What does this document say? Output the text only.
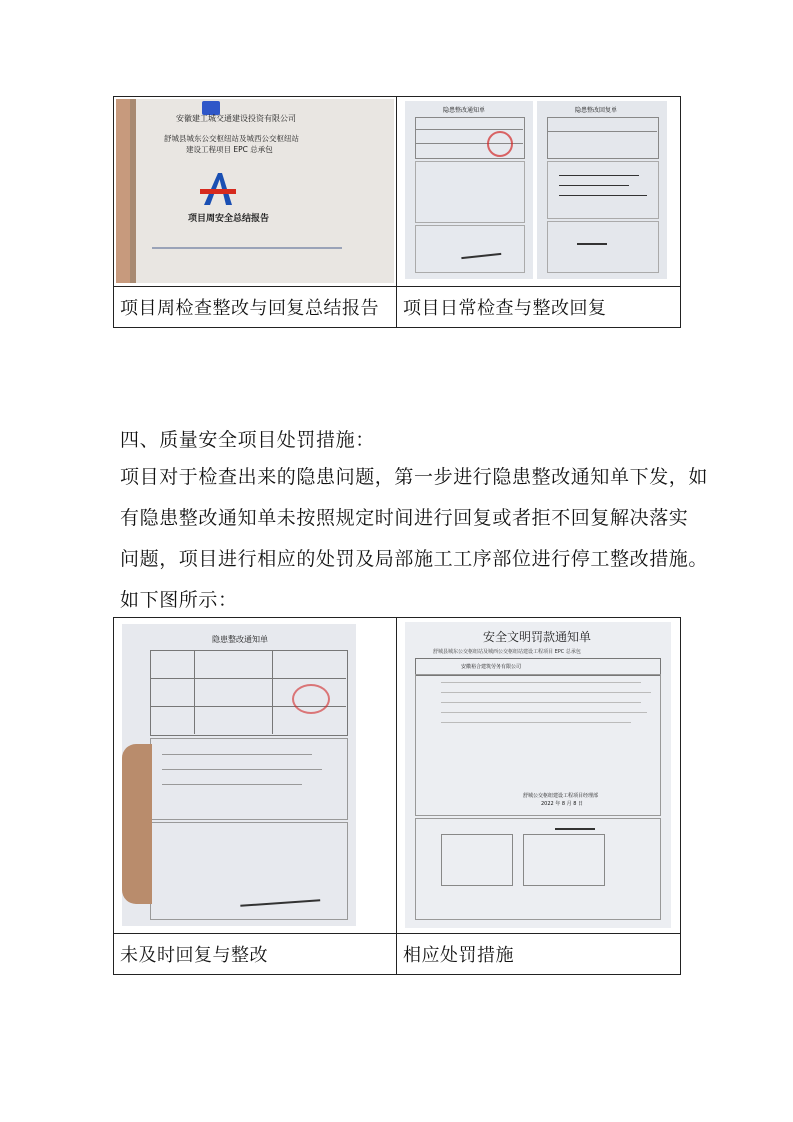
安徽建工城交通建设投资有限公司
舒城县城东公交枢纽站及城西公交枢纽站
建设工程项目 EPC 总承包
项目周安全总结报告
隐患整改通知单	隐患整改回复单
项目周检查整改与回复总结报告	项目日常检查与整改回复
四、质量安全项目处罚措施：
项目对于检查出来的隐患问题，第一步进行隐患整改通知单下发，如
有隐患整改通知单未按照规定时间进行回复或者拒不回复解决落实
问题，项目进行相应的处罚及局部施工工序部位进行停工整改措施。
如下图所示：
隐患整改通知单	安全文明罚款通知单
舒城县城东公交枢纽站及城西公交枢纽站建设工程项目 EPC 总承包
安徽裕合建筑劳务有限公司
舒城公交枢纽建设工程项目经理部
2022 年 8 月 8 日
未及时回复与整改	相应处罚措施
